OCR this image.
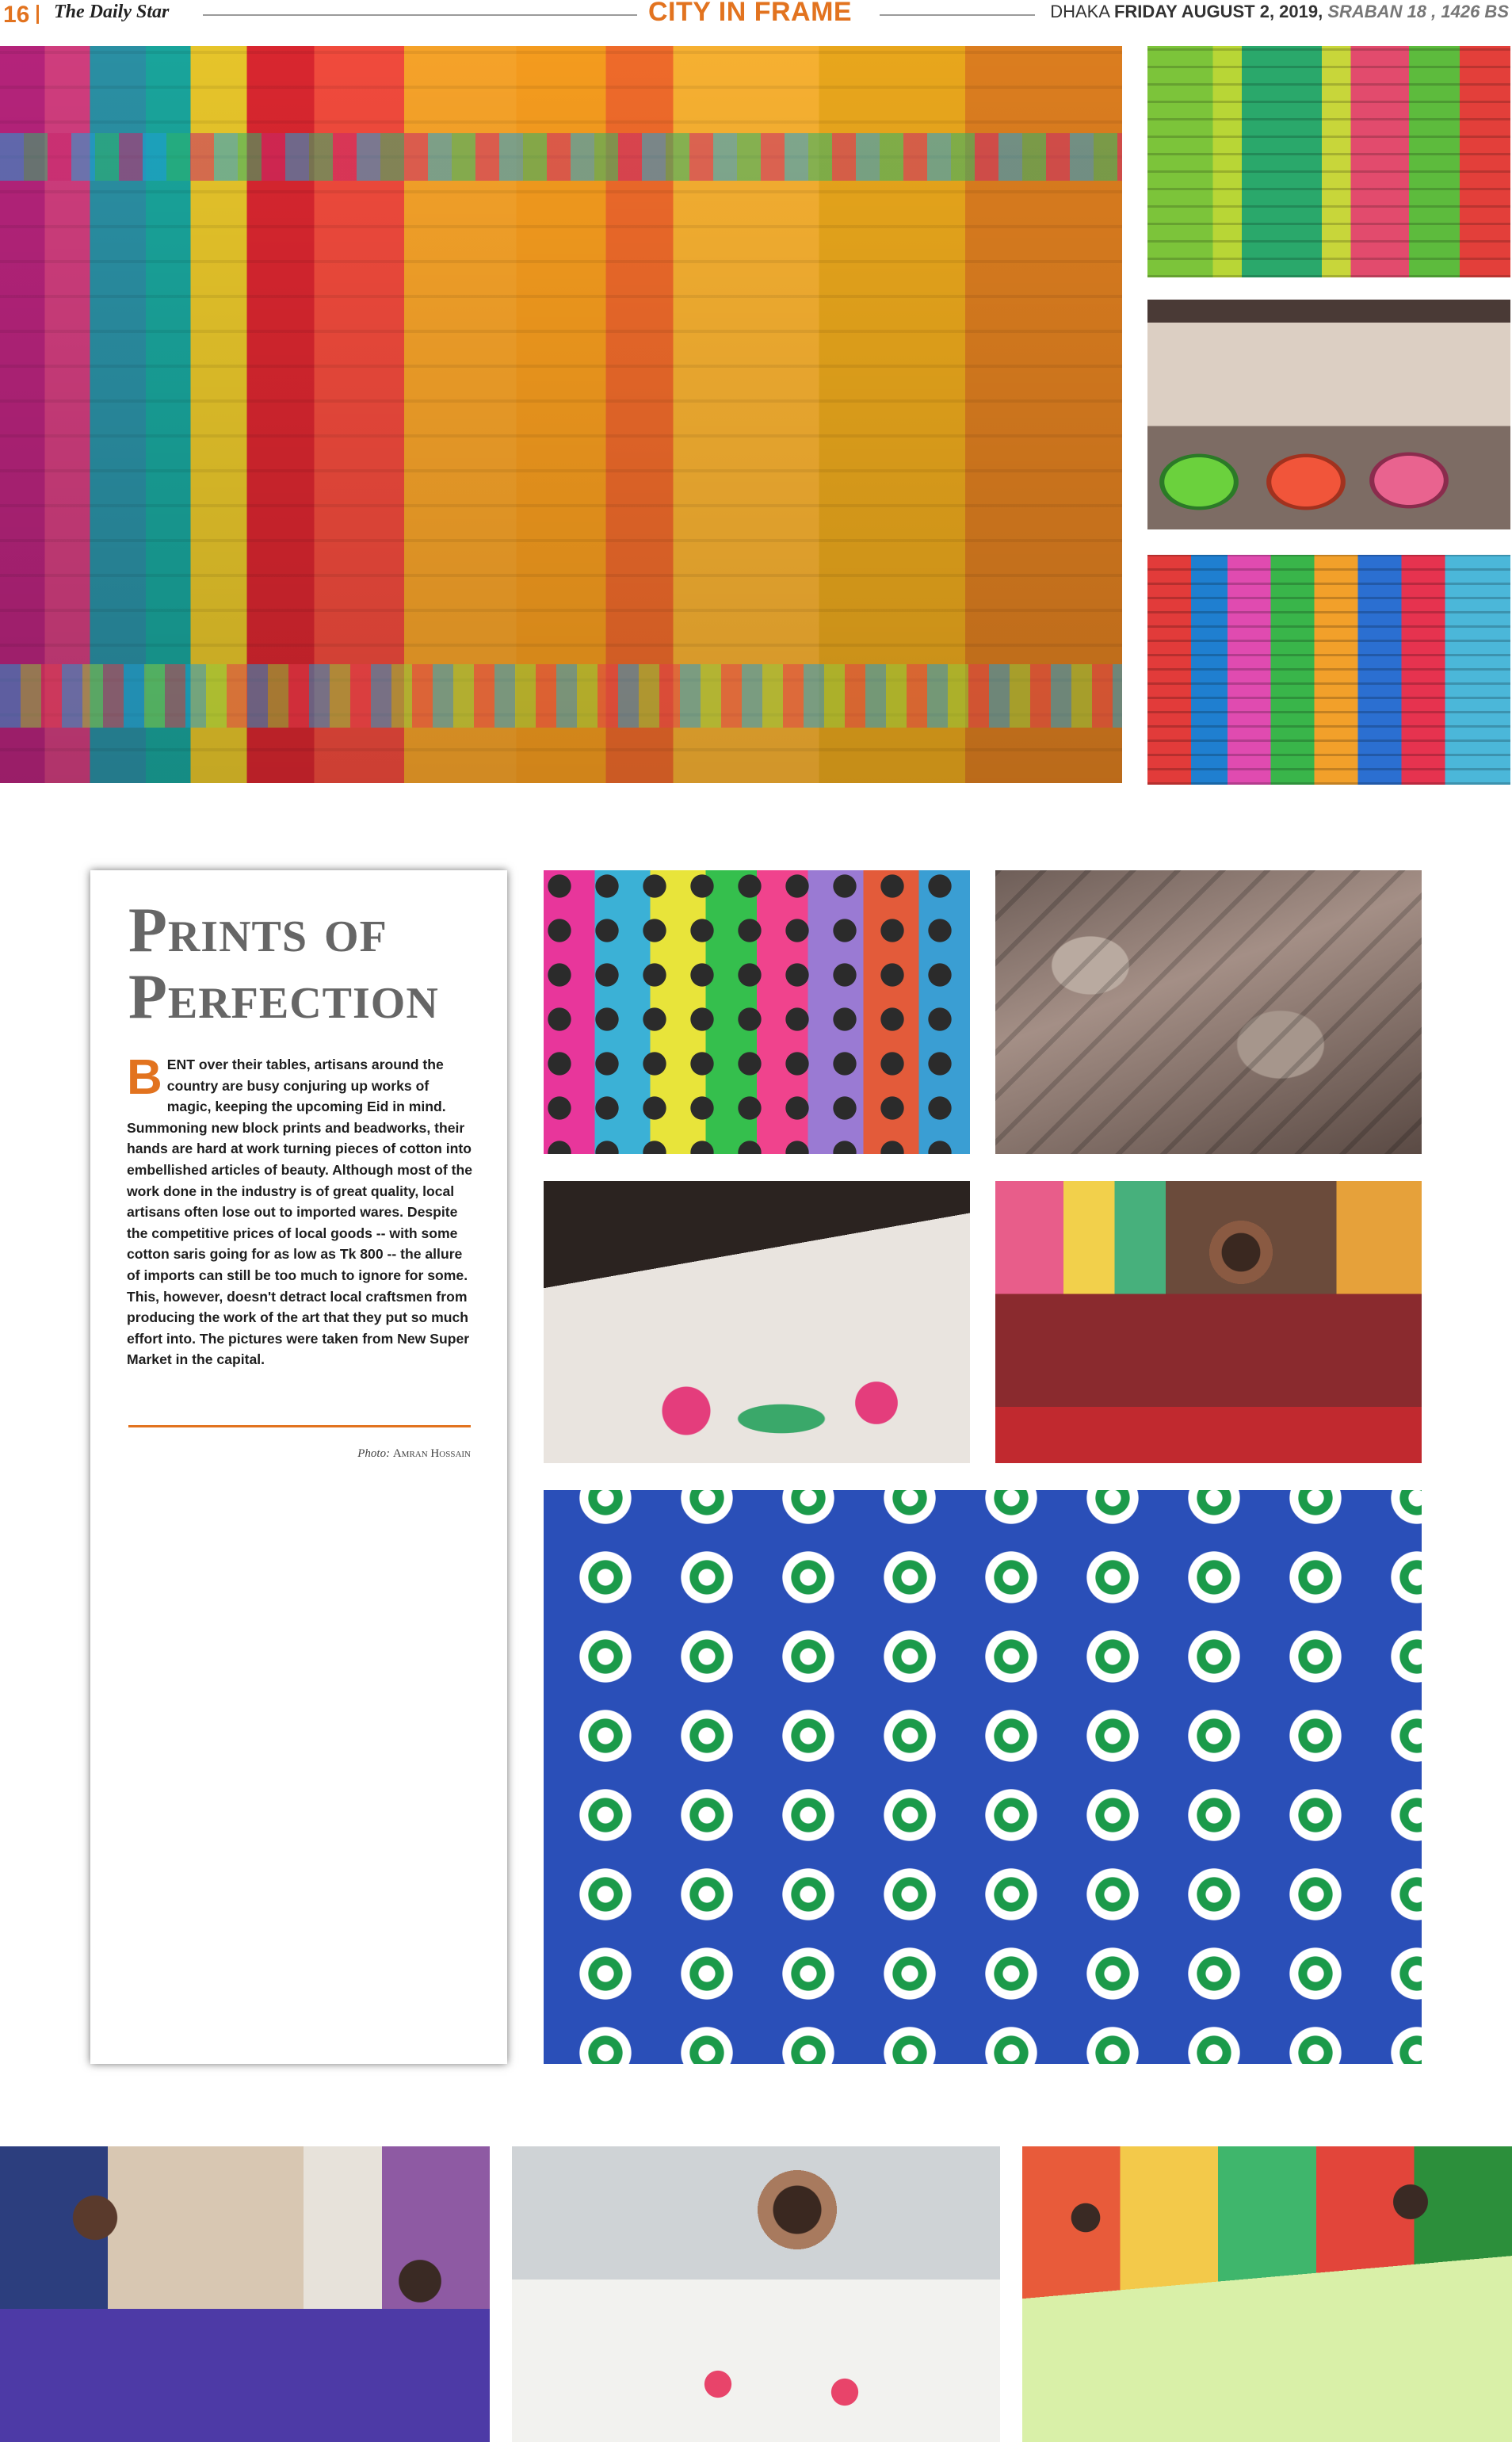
16 The Daily Star	CITY IN FRAME	DHAKA FRIDAY AUGUST 2, 2019, SRABAN 18 , 1426 BS
Prints of Perfection
BENT over their tables, artisans around the country are busy conjuring up works of magic, keeping the upcoming Eid in mind. Summoning new block prints and beadworks, their hands are hard at work turning pieces of cotton into embellished articles of beauty. Although most of the work done in the industry is of great quality, local artisans often lose out to imported wares. Despite the competitive prices of local goods -- with some cotton saris going for as low as Tk 800 -- the allure of imports can still be too much to ignore for some. This, however, doesn't detract local craftsmen from producing the work of the art that they put so much effort into. The pictures were taken from New Super Market in the capital.
Photo: Amran Hossain
